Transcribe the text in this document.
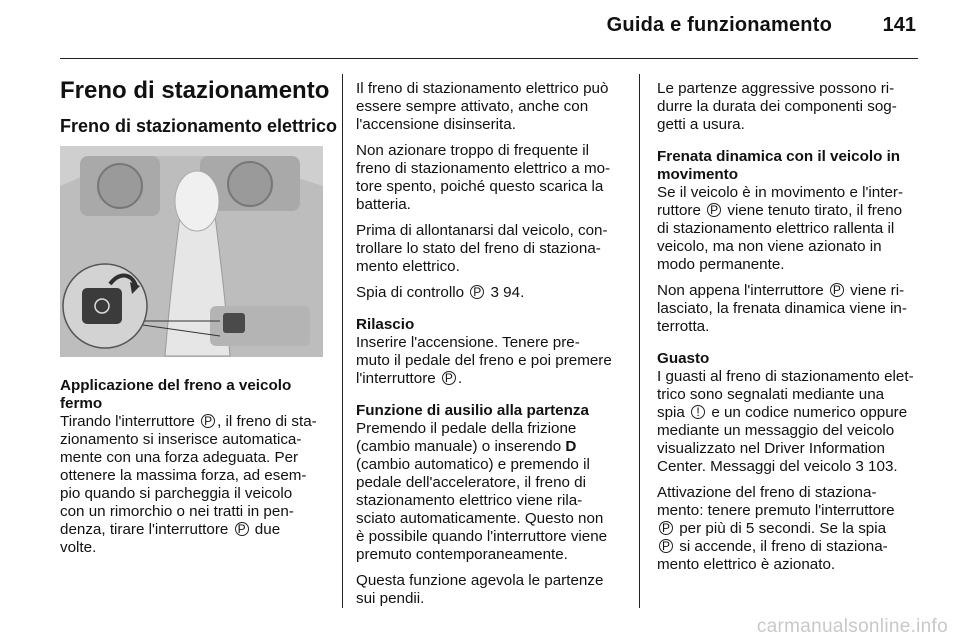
Guida e funzionamento	141
Freno di stazionamento
Freno di stazionamento elettrico
Applicazione del freno a veicolo
fermo
Tirando l'interruttore P , il freno di sta-
zionamento si inserisce automatica-
mente con una forza adeguata. Per
ottenere la massima forza, ad esem-
pio quando si parcheggia il veicolo
con un rimorchio o nei tratti in pen-
denza, tirare l'interruttore P due
volte.
Il freno di stazionamento elettrico può
essere sempre attivato, anche con
l'accensione disinserita.
Non azionare troppo di frequente il
freno di stazionamento elettrico a mo-
tore spento, poiché questo scarica la
batteria.
Prima di allontanarsi dal veicolo, con-
trollare lo stato del freno di staziona-
mento elettrico.
Spia di controllo P 3 94.
Rilascio
Inserire l'accensione. Tenere pre-
muto il pedale del freno e poi premere
l'interruttore P .
Funzione di ausilio alla partenza
Premendo il pedale della frizione
(cambio manuale) o inserendo D
(cambio automatico) e premendo il
pedale dell'acceleratore, il freno di
stazionamento elettrico viene rila-
sciato automaticamente. Questo non
è possibile quando l'interruttore viene
premuto contemporaneamente.
Questa funzione agevola le partenze
sui pendii.
Le partenze aggressive possono ri-
durre la durata dei componenti sog-
getti a usura.
Frenata dinamica con il veicolo in
movimento
Se il veicolo è in movimento e l'inter-
ruttore P viene tenuto tirato, il freno
di stazionamento elettrico rallenta il
veicolo, ma non viene azionato in
modo permanente.
Non appena l'interruttore P viene ri-
lasciato, la frenata dinamica viene in-
terrotta.
Guasto
I guasti al freno di stazionamento elet-
trico sono segnalati mediante una
spia ! e un codice numerico oppure
mediante un messaggio del veicolo
visualizzato nel Driver Information
Center. Messaggi del veicolo 3 103.
Attivazione del freno di staziona-
mento: tenere premuto l'interruttore
P per più di 5 secondi. Se la spia
P si accende, il freno di staziona-
mento elettrico è azionato.
carmanualsonline.info
